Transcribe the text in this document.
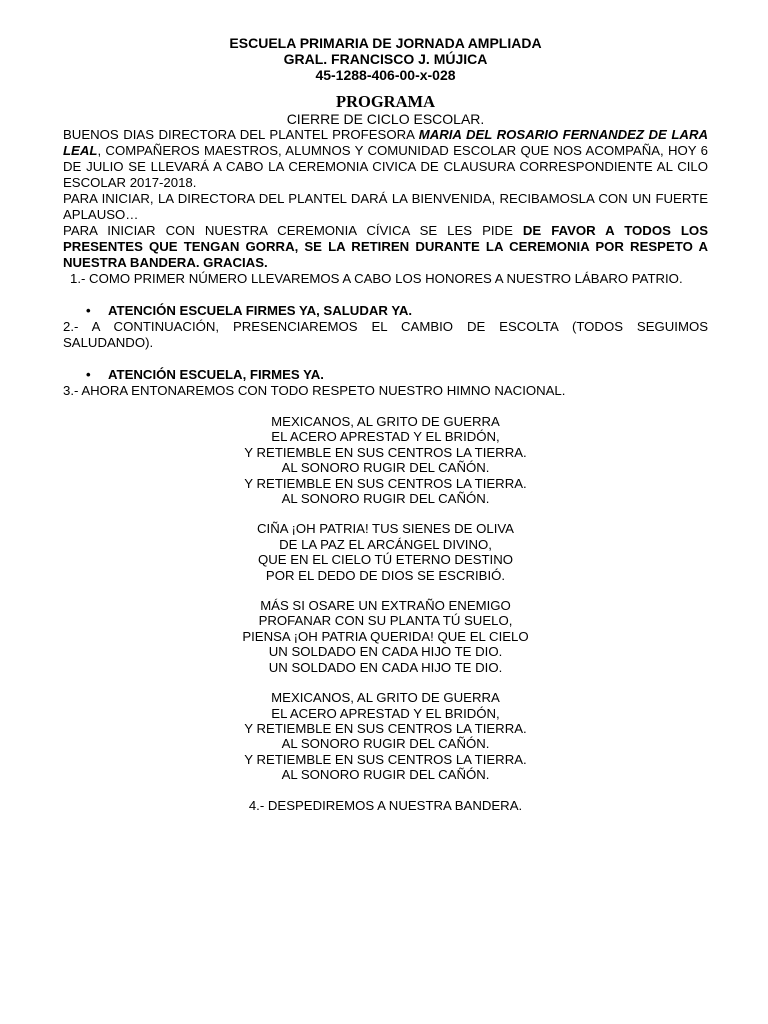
ESCUELA PRIMARIA DE JORNADA AMPLIADA

GRAL. FRANCISCO J. MÚJICA

45-1288-406-00-x-028

PROGRAMA

CIERRE DE CICLO ESCOLAR.

BUENOS DIAS DIRECTORA DEL PLANTEL PROFESORA MARIA DEL ROSARIO FERNANDEZ DE LARA LEAL, COMPAÑEROS MAESTROS, ALUMNOS Y COMUNIDAD ESCOLAR QUE NOS ACOMPAÑA, HOY 6 DE JULIO SE LLEVARÁ A CABO LA CEREMONIA CIVICA DE CLAUSURA CORRESPONDIENTE AL CILO ESCOLAR 2017-2018.

PARA INICIAR, LA DIRECTORA DEL PLANTEL DARÁ LA BIENVENIDA, RECIBAMOSLA CON UN FUERTE APLAUSO…

PARA INICIAR CON NUESTRA CEREMONIA CÍVICA SE LES PIDE DE FAVOR A TODOS LOS PRESENTES QUE TENGAN GORRA, SE LA RETIREN DURANTE LA CEREMONIA POR RESPETO A NUESTRA BANDERA. GRACIAS.

1.- COMO PRIMER NÚMERO LLEVAREMOS A CABO LOS HONORES A NUESTRO LÁBARO PATRIO.

• ATENCIÓN ESCUELA FIRMES YA, SALUDAR YA.

2.- A CONTINUACIÓN, PRESENCIAREMOS EL CAMBIO DE ESCOLTA (TODOS SEGUIMOS SALUDANDO).

• ATENCIÓN ESCUELA, FIRMES YA.

3.- AHORA ENTONAREMOS CON TODO RESPETO NUESTRO HIMNO NACIONAL.

MEXICANOS, AL GRITO DE GUERRA
EL ACERO APRESTAD Y EL BRIDÓN,
Y RETIEMBLE EN SUS CENTROS LA TIERRA.
AL SONORO RUGIR DEL CAÑÓN.
Y RETIEMBLE EN SUS CENTROS LA TIERRA.
AL SONORO RUGIR DEL CAÑÓN.
CIÑA ¡OH PATRIA! TUS SIENES DE OLIVA
DE LA PAZ EL ARCÁNGEL DIVINO,
QUE EN EL CIELO TÚ ETERNO DESTINO
POR EL DEDO DE DIOS SE ESCRIBIÓ.
MÁS SI OSARE UN EXTRAÑO ENEMIGO
PROFANAR CON SU PLANTA TÚ SUELO,
PIENSA ¡OH PATRIA QUERIDA! QUE EL CIELO
UN SOLDADO EN CADA HIJO TE DIO.
UN SOLDADO EN CADA HIJO TE DIO.
MEXICANOS, AL GRITO DE GUERRA
EL ACERO APRESTAD Y EL BRIDÓN,
Y RETIEMBLE EN SUS CENTROS LA TIERRA.
AL SONORO RUGIR DEL CAÑÓN.
Y RETIEMBLE EN SUS CENTROS LA TIERRA.
AL SONORO RUGIR DEL CAÑÓN.

4.- DESPEDIREMOS A NUESTRA BANDERA.
